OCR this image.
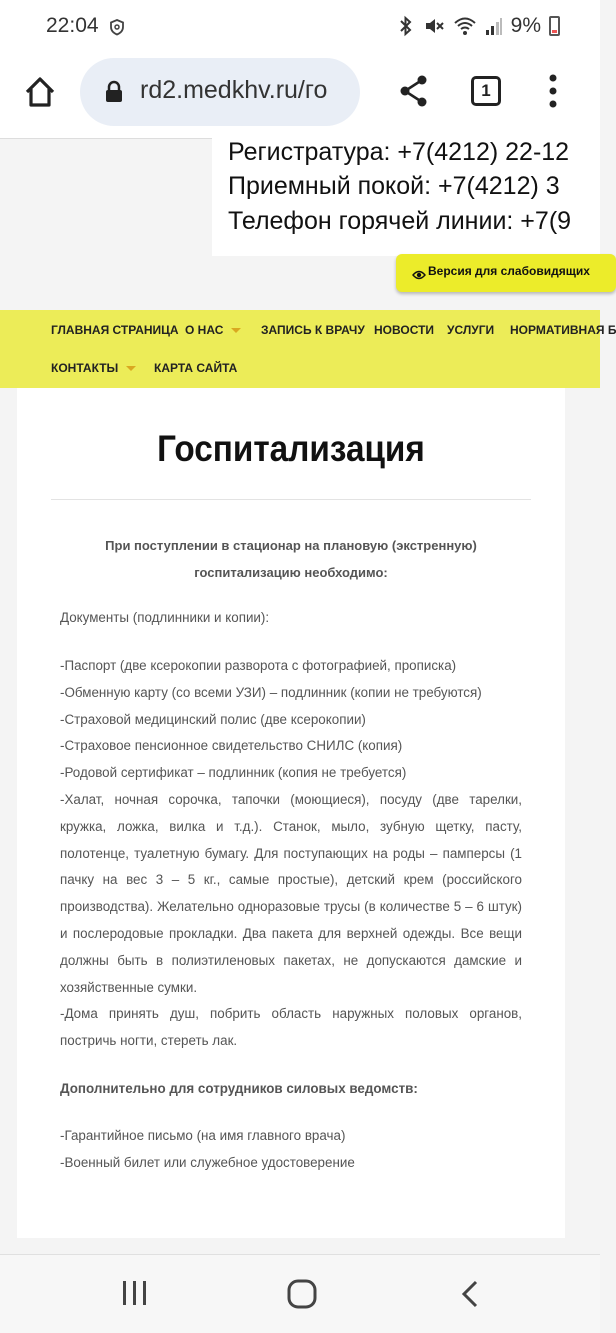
22:04	9%
rd2.medkhv.ru/го	1
Регистратура: +7(4212) 22-12
Приемный покой: +7(4212) 3
Телефон горячей линии: +7(9
Версия для слабовидящих
ГЛАВНАЯ СТРАНИЦА О НАС	ЗАПИСЬ К ВРАЧУ НОВОСТИ УСЛУГИ НОРМАТИВНАЯ Б
КОНТАКТЫ	КАРТА САЙТА
Госпитализация
При поступлении в стационар на плановую (экстренную) госпитализацию необходимо:
Документы (подлинники и копии):
-Паспорт (две ксерокопии разворота с фотографией, прописка)
-Обменную карту (со всеми УЗИ) – подлинник (копии не требуются)
-Страховой медицинский полис (две ксерокопии)
-Страховое пенсионное свидетельство СНИЛС (копия)
-Родовой сертификат – подлинник (копия не требуется)
-Халат, ночная сорочка, тапочки (моющиеся), посуду (две тарелки, кружка, ложка, вилка и т.д.). Станок, мыло, зубную щетку, пасту, полотенце, туалетную бумагу. Для поступающих на роды – памперсы (1 пачку на вес 3 – 5 кг., самые простые), детский крем (российского производства). Желательно одноразовые трусы (в количестве 5 – 6 штук) и послеродовые прокладки. Два пакета для верхней одежды. Все вещи должны быть в полиэтиленовых пакетах, не допускаются дамские и хозяйственные сумки.
-Дома принять душ, побрить область наружных половых органов, постричь ногти, стереть лак.
Дополнительно для сотрудников силовых ведомств:
-Гарантийное письмо (на имя главного врача)
-Военный билет или служебное удостоверение
